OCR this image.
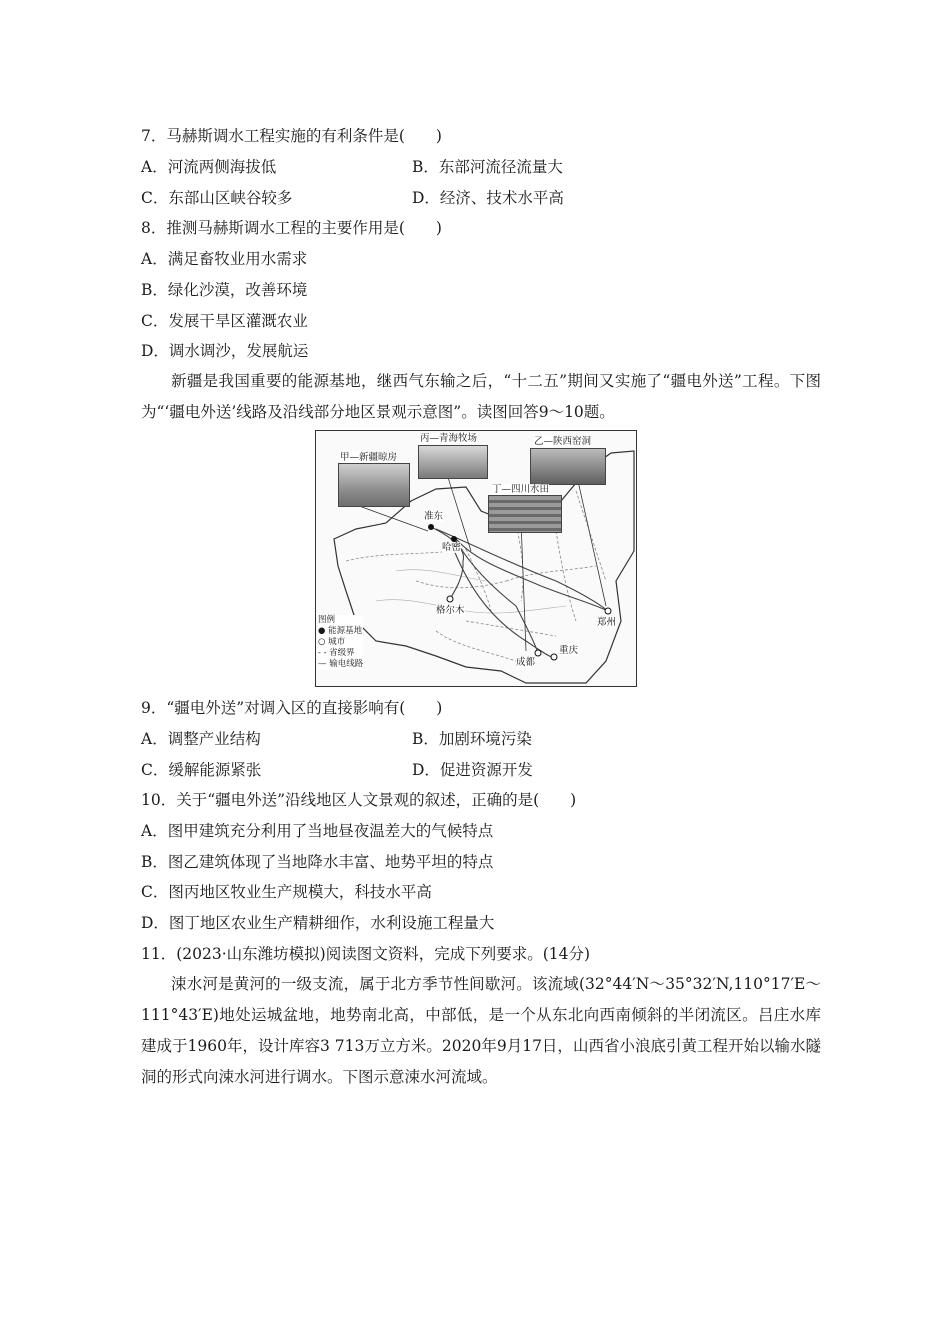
7．马赫斯调水工程实施的有利条件是(　　)
A．河流两侧海拔低	B．东部河流径流量大
C．东部山区峡谷较多	D．经济、技术水平高
8．推测马赫斯调水工程的主要作用是(　　)
A．满足畜牧业用水需求
B．绿化沙漠，改善环境
C．发展干旱区灌溉农业
D．调水调沙，发展航运
新疆是我国重要的能源基地，继西气东输之后，“十二五”期间又实施了“疆电外送”工程。下图为“‘疆电外送’线路及沿线部分地区景观示意图”。读图回答9～10题。
甲—新疆晾房
丙—青海牧场	乙—陕西窑洞
丁—四川水田
准东
哈密
格尔木
成都
重庆
郑州
图例
● 能源基地
○ 城市
- - 省级界
— 输电线路
9．“疆电外送”对调入区的直接影响有(　　)
A．调整产业结构	B．加剧环境污染
C．缓解能源紧张	D．促进资源开发
10．关于“疆电外送”沿线地区人文景观的叙述，正确的是(　　)
A．图甲建筑充分利用了当地昼夜温差大的气候特点
B．图乙建筑体现了当地降水丰富、地势平坦的特点
C．图丙地区牧业生产规模大，科技水平高
D．图丁地区农业生产精耕细作，水利设施工程量大
11．(2023·山东潍坊模拟)阅读图文资料，完成下列要求。(14分)
涑水河是黄河的一级支流，属于北方季节性间歇河。该流域(32°44′N～35°32′N,110°17′E～111°43′E)地处运城盆地，地势南北高，中部低，是一个从东北向西南倾斜的半闭流区。吕庄水库建成于1960年，设计库容3 713万立方米。2020年9月17日，山西省小浪底引黄工程开始以输水隧洞的形式向涑水河进行调水。下图示意涑水河流域。
